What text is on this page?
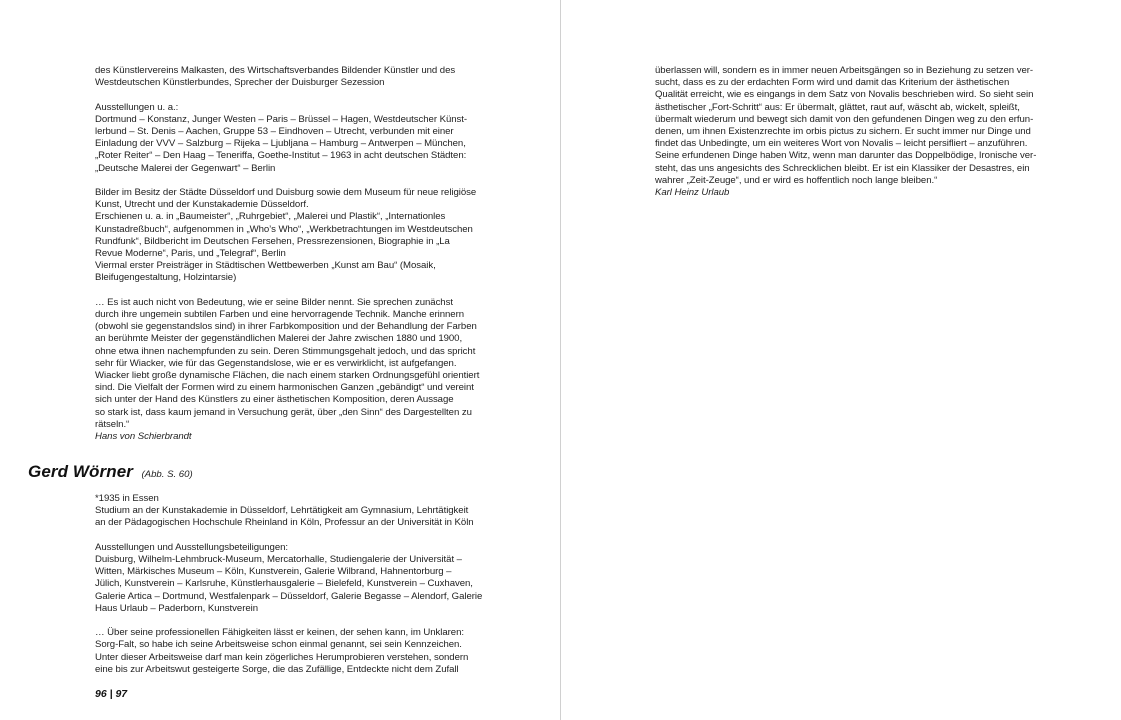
des Künstlervereins Malkasten, des Wirtschaftsverbandes Bildender Künstler und des
Westdeutschen Künstlerbundes, Sprecher der Duisburger Sezession
Ausstellungen u. a.:
Dortmund – Konstanz, Junger Westen – Paris – Brüssel – Hagen, Westdeutscher Künst-
lerbund – St. Denis – Aachen, Gruppe 53 – Eindhoven – Utrecht, verbunden mit einer
Einladung der VVV – Salzburg – Rijeka – Ljubljana – Hamburg – Antwerpen – München,
„Roter Reiter“ – Den Haag – Teneriffa, Goethe-Institut – 1963 in acht deutschen Städten:
„Deutsche Malerei der Gegenwart“ – Berlin
Bilder im Besitz der Städte Düsseldorf und Duisburg sowie dem Museum für neue religiöse
Kunst, Utrecht und der Kunstakademie Düsseldorf.
Erschienen u. a. in „Baumeister“, „Ruhrgebiet“, „Malerei und Plastik“, „Internationles
Kunstadreßbuch“, aufgenommen in „Who’s Who“, „Werkbetrachtungen im Westdeutschen
Rundfunk“, Bildbericht im Deutschen Fersehen, Pressrezensionen, Biographie in „La
Revue Moderne“, Paris, und „Telegraf“, Berlin
Viermal erster Preisträger in Städtischen Wettbewerben „Kunst am Bau“ (Mosaik,
Bleifugengestaltung, Holzintarsie)
… Es ist auch nicht von Bedeutung, wie er seine Bilder nennt. Sie sprechen zunächst
durch ihre ungemein subtilen Farben und eine hervorragende Technik. Manche erinnern
(obwohl sie gegenstandslos sind) in ihrer Farbkomposition und der Behandlung der Farben
an berühmte Meister der gegenständlichen Malerei der Jahre zwischen 1880 und 1900,
ohne etwa ihnen nachempfunden zu sein. Deren Stimmungsgehalt jedoch, und das spricht
sehr für Wiacker, wie für das Gegenstandslose, wie er es verwirklicht, ist aufgefangen.
Wiacker liebt große dynamische Flächen, die nach einem starken Ordnungsgefühl orientiert
sind. Die Vielfalt der Formen wird zu einem harmonischen Ganzen „gebändigt“ und vereint
sich unter der Hand des Künstlers zu einer ästhetischen Komposition, deren Aussage
so stark ist, dass kaum jemand in Versuchung gerät, über „den Sinn“ des Dargestellten zu
rätseln.“
Hans von Schierbrandt
Gerd Wörner (Abb. S. 60)
*1935 in Essen
Studium an der Kunstakademie in Düsseldorf, Lehrtätigkeit am Gymnasium, Lehrtätigkeit
an der Pädagogischen Hochschule Rheinland in Köln, Professur an der Universität in Köln
Ausstellungen und Ausstellungsbeteiligungen:
Duisburg, Wilhelm-Lehmbruck-Museum, Mercatorhalle, Studiengalerie der Universität –
Witten, Märkisches Museum – Köln, Kunstverein, Galerie Wilbrand, Hahnentorburg –
Jülich, Kunstverein – Karlsruhe, Künstlerhausgalerie – Bielefeld, Kunstverein – Cuxhaven,
Galerie Artica – Dortmund, Westfalenpark – Düsseldorf, Galerie Begasse – Alendorf, Galerie
Haus Urlaub – Paderborn, Kunstverein
… Über seine professionellen Fähigkeiten lässt er keinen, der sehen kann, im Unklaren:
Sorg-Falt, so habe ich seine Arbeitsweise schon einmal genannt, sei sein Kennzeichen.
Unter dieser Arbeitsweise darf man kein zögerliches Herumprobieren verstehen, sondern
eine bis zur Arbeitswut gesteigerte Sorge, die das Zufällige, Entdeckte nicht dem Zufall
96 | 97
überlassen will, sondern es in immer neuen Arbeitsgängen so in Beziehung zu setzen ver-
sucht, dass es zu der erdachten Form wird und damit das Kriterium der ästhetischen
Qualität erreicht, wie es eingangs in dem Satz von Novalis beschrieben wird. So sieht sein
ästhetischer „Fort-Schritt“ aus: Er übermalt, glättet, raut auf, wäscht ab, wickelt, spleißt,
übermalt wiederum und bewegt sich damit von den gefundenen Dingen weg zu den erfun-
denen, um ihnen Existenzrechte im orbis pictus zu sichern. Er sucht immer nur Dinge und
findet das Unbedingte, um ein weiteres Wort von Novalis – leicht persifliert – anzuführen.
Seine erfundenen Dinge haben Witz, wenn man darunter das Doppelbödige, Ironische ver-
steht, das uns angesichts des Schrecklichen bleibt. Er ist ein Klassiker der Desastres, ein
wahrer „Zeit-Zeuge“, und er wird es hoffentlich noch lange bleiben.“
Karl Heinz Urlaub
